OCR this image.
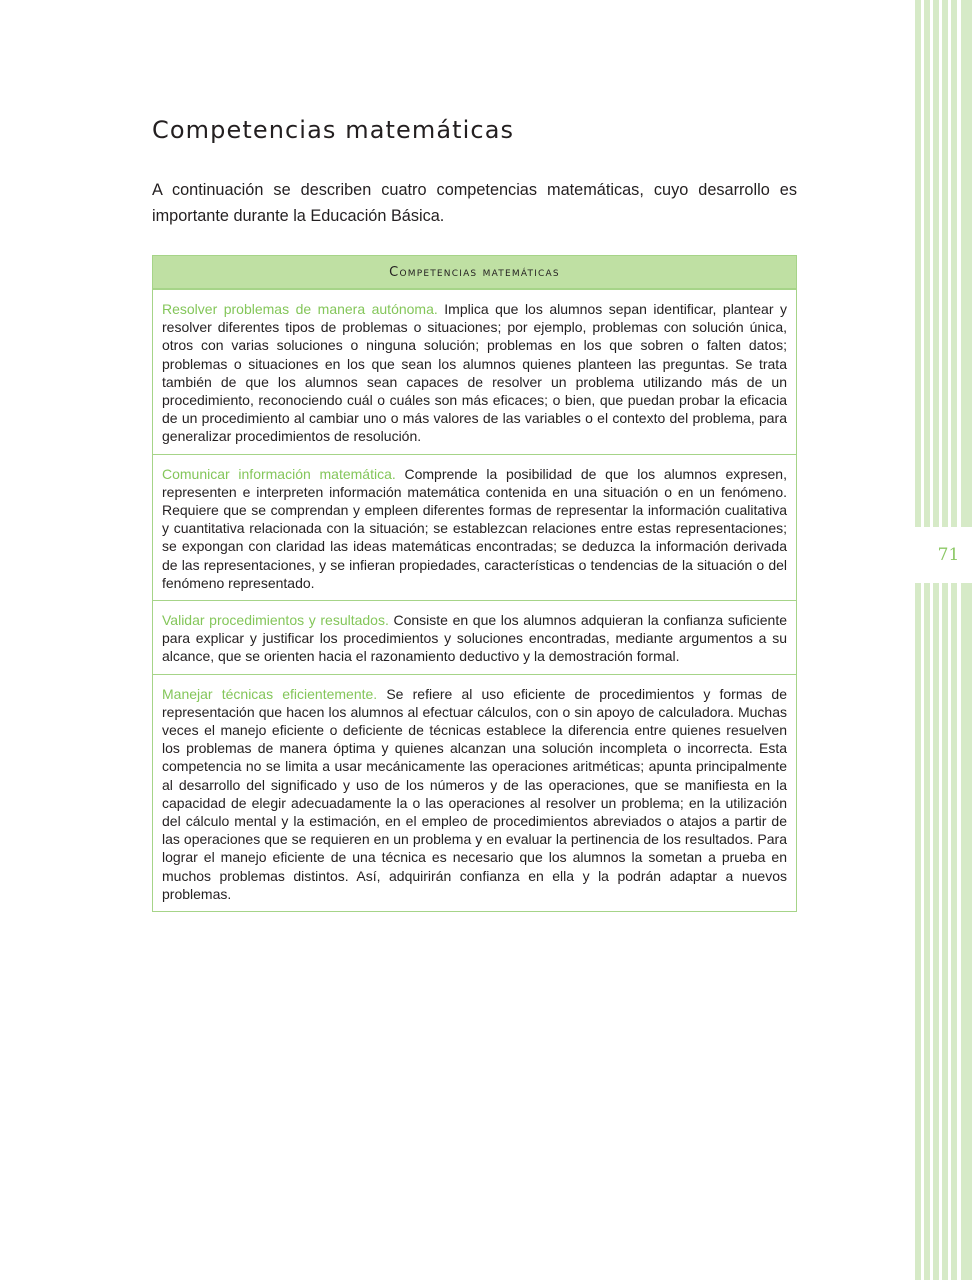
Competencias matemáticas

A continuación se describen cuatro competencias matemáticas, cuyo desarrollo es importante durante la Educación Básica.

Competencias matemáticas
Resolver problemas de manera autónoma. Implica que los alumnos sepan identificar, plantear y resolver diferentes tipos de problemas o situaciones; por ejemplo, problemas con solución única, otros con varias soluciones o ninguna solución; problemas en los que sobren o falten datos; problemas o situaciones en los que sean los alumnos quienes planteen las preguntas. Se trata también de que los alumnos sean capaces de resolver un problema utilizando más de un procedimiento, reconociendo cuál o cuáles son más eficaces; o bien, que puedan probar la eficacia de un procedimiento al cambiar uno o más valores de las variables o el contexto del problema, para generalizar procedimientos de resolución.
Comunicar información matemática. Comprende la posibilidad de que los alumnos expresen, representen e interpreten información matemática contenida en una situación o en un fenómeno. Requiere que se comprendan y empleen diferentes formas de representar la información cualitativa y cuantitativa relacionada con la situación; se establezcan relaciones entre estas representaciones; se expongan con claridad las ideas matemáticas encontradas; se deduzca la información derivada de las representaciones, y se infieran propiedades, características o tendencias de la situación o del fenómeno representado.
Validar procedimientos y resultados. Consiste en que los alumnos adquieran la confianza suficiente para explicar y justificar los procedimientos y soluciones encontradas, mediante argumentos a su alcance, que se orienten hacia el razonamiento deductivo y la demostración formal.
Manejar técnicas eficientemente. Se refiere al uso eficiente de procedimientos y formas de representación que hacen los alumnos al efectuar cálculos, con o sin apoyo de calculadora. Muchas veces el manejo eficiente o deficiente de técnicas establece la diferencia entre quienes resuelven los problemas de manera óptima y quienes alcanzan una solución incompleta o incorrecta. Esta competencia no se limita a usar mecánicamente las operaciones aritméticas; apunta principalmente al desarrollo del significado y uso de los números y de las operaciones, que se manifiesta en la capacidad de elegir adecuadamente la o las operaciones al resolver un problema; en la utilización del cálculo mental y la estimación, en el empleo de procedimientos abreviados o atajos a partir de las operaciones que se requieren en un problema y en evaluar la pertinencia de los resultados. Para lograr el manejo eficiente de una técnica es necesario que los alumnos la sometan a prueba en muchos problemas distintos. Así, adquirirán confianza en ella y la podrán adaptar a nuevos problemas.
71
